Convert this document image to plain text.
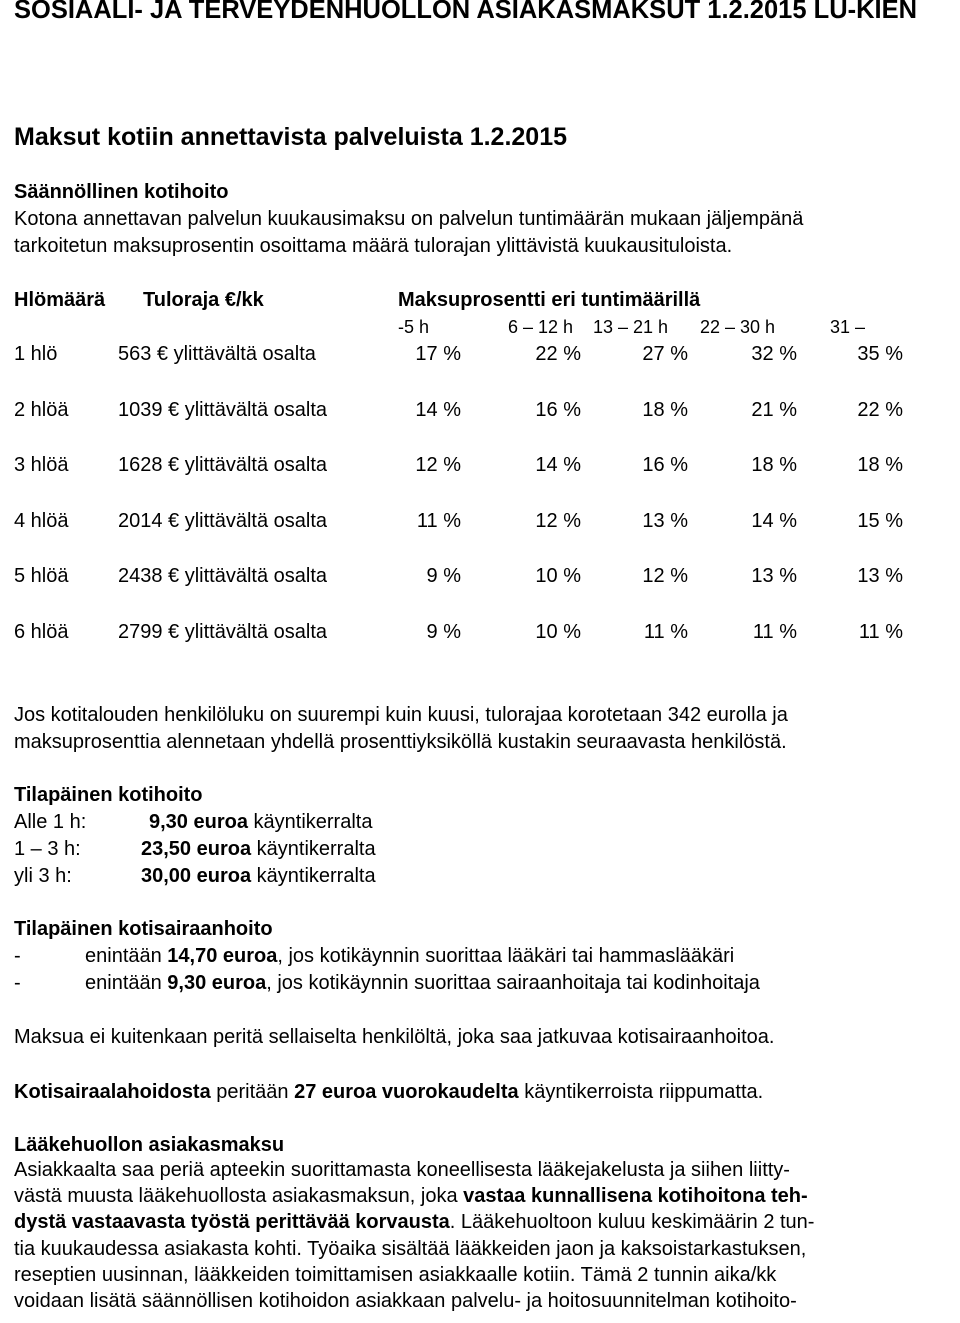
SOSIAALI- JA TERVEYDENHUOLLON ASIAKASMAKSUT 1.2.2015 LU-KIEN
Maksut kotiin annettavista palveluista 1.2.2015
Säännöllinen kotihoito

Kotona annettavan palvelun kuukausimaksu on palvelun tuntimäärän mukaan jäljempänä

tarkoitetun maksuprosentin osoittama määrä tulorajan ylittävistä kuukausituloista.

Hlömäärä Tuloraja €/kk	Maksuprosentti eri tuntimäärillä
-5 h	6 – 12 h 13 – 21 h 22 – 30 h	31 –
1 hlö	563 € ylittävältä osalta	17 %	22 %	27 %	32 %	35 %
2 hlöä 1039 € ylittävältä osalta	14 %	16 %	18 %	21 %	22 %
3 hlöä 1628 € ylittävältä osalta	12 %	14 %	16 %	18 %	18 %
4 hlöä 2014 € ylittävältä osalta	11 %	12 %	13 %	14 %	15 %
5 hlöä 2438 € ylittävältä osalta	9 %	10 %	12 %	13 %	13 %
6 hlöä 2799 € ylittävältä osalta	9 %	10 %	11 %	11 %	11 %

Jos kotitalouden henkilöluku on suurempi kuin kuusi, tulorajaa korotetaan 342 eurolla ja

maksuprosenttia alennetaan yhdellä prosenttiyksiköllä kustakin seuraavasta henkilöstä.

Tilapäinen kotihoito
Alle 1 h:	9,30 euroa käyntikerralta
1 – 3 h:	23,50 euroa käyntikerralta
yli 3 h:	30,00 euroa käyntikerralta
Tilapäinen kotisairaanhoito
-	enintään 14,70 euroa, jos kotikäynnin suorittaa lääkäri tai hammaslääkäri
-	enintään 9,30 euroa, jos kotikäynnin suorittaa sairaanhoitaja tai kodinhoitaja

Maksua ei kuitenkaan peritä sellaiselta henkilöltä, joka saa jatkuvaa kotisairaanhoitoa.

Kotisairaalahoidosta peritään 27 euroa vuorokaudelta käyntikerroista riippumatta.

Lääkehuollon asiakasmaksu
Asiakkaalta saa periä apteekin suorittamasta koneellisesta lääkejakelusta ja siihen liitty-
västä muusta lääkehuollosta asiakasmaksun, joka vastaa kunnallisena kotihoitona teh-
dystä vastaavasta työstä perittävää korvausta. Lääkehuoltoon kuluu keskimäärin 2 tun-
tia kuukaudessa asiakasta kohti. Työaika sisältää lääkkeiden jaon ja kaksoistarkastuksen,
reseptien uusinnan, lääkkeiden toimittamisen asiakkaalle kotiin. Tämä 2 tunnin aika/kk
voidaan lisätä säännöllisen kotihoidon asiakkaan palvelu- ja hoitosuunnitelman kotihoito-
